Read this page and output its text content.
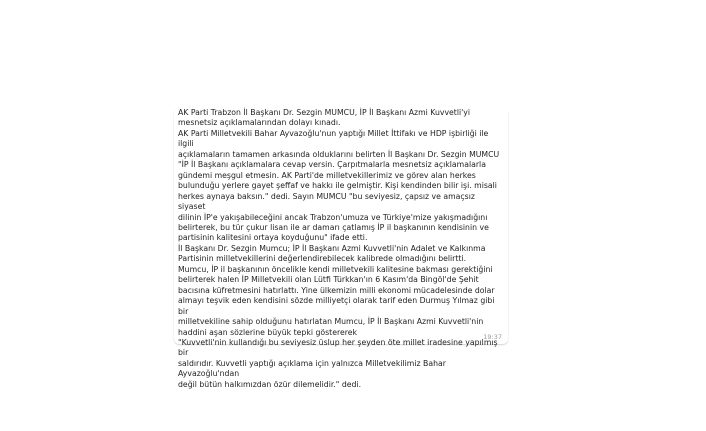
AK Parti Trabzon İl Başkanı Dr. Sezgin MUMCU, İP İl Başkanı Azmi Kuvvetli'yi
mesnetsiz açıklamalarından dolayı kınadı.
AK Parti Milletvekili Bahar Ayvazoğlu'nun yaptığı Millet İttifakı ve HDP işbirliği ile ilgili
açıklamaların tamamen arkasında olduklarını belirten İl Başkanı Dr. Sezgin MUMCU
"İP İl Başkanı açıklamalara cevap versin. Çarpıtmalarla mesnetsiz açıklamalarla
gündemi meşgul etmesin. AK Parti'de milletvekillerimiz ve görev alan herkes
bulunduğu yerlere gayet şeffaf ve hakkı ile gelmiştir. Kişi kendinden bilir işi. misali
herkes aynaya baksın." dedi. Sayın MUMCU "bu seviyesiz, çapsız ve amaçsız siyaset
dilinin İP'e yakışabileceğini ancak Trabzon'umuza ve Türkiye'mize yakışmadığını
belirterek, bu tür çukur lisan ile ar damarı çatlamış İP il başkanının kendisinin ve
partisinin kalitesini ortaya koyduğunu" ifade etti.
İl Başkanı Dr. Sezgin Mumcu; İP İl Başkanı Azmi Kuvvetli'nin Adalet ve Kalkınma
Partisinin milletvekillerini değerlendirebilecek kalibrede olmadığını belirtti.
Mumcu, İP il başkanının öncelikle kendi milletvekili kalitesine bakması gerektiğini
belirterek halen İP Milletvekili olan Lütfi Türkkan'ın 6 Kasım'da Bingöl'de Şehit
bacısına küfretmesini hatırlattı. Yine ülkemizin milli ekonomi mücadelesinde dolar
almayı teşvik eden kendisini sözde milliyetçi olarak tarif eden Durmuş Yılmaz gibi bir
milletvekiline sahip olduğunu hatırlatan Mumcu, İP İl Başkanı Azmi Kuvvetli'nin
haddini aşan sözlerine büyük tepki göstererek
"Kuvvetli'nin kullandığı bu seviyesiz üslup her şeyden öte millet iradesine yapılmış bir
saldırıdır. Kuvvetli yaptığı açıklama için yalnızca Milletvekilimiz Bahar Ayvazoğlu'ndan
değil bütün halkımızdan özür dilemelidir." dedi.

19:37
